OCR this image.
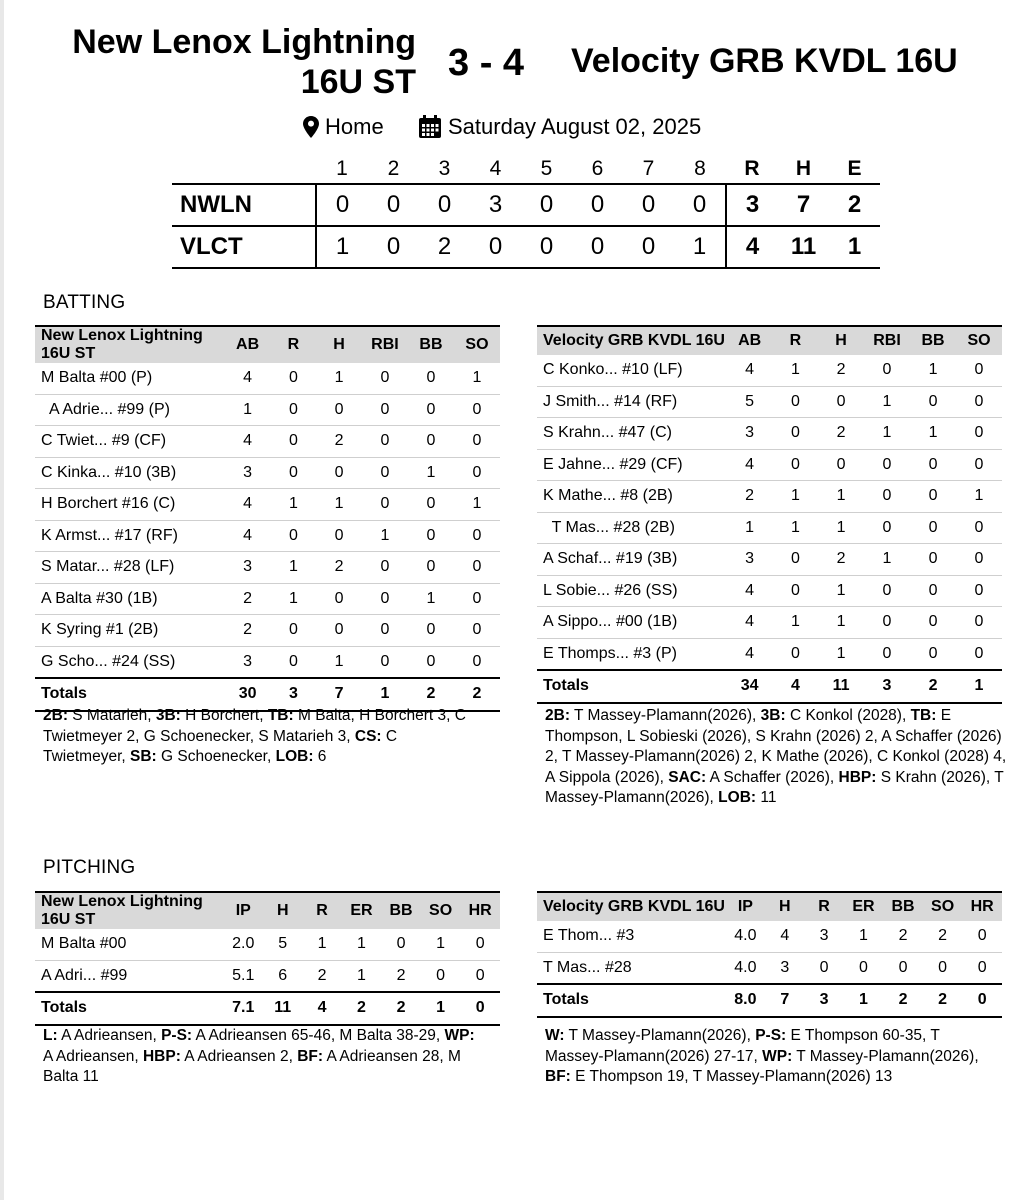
New Lenox Lightning
16U ST 3 - 4 Velocity GRB KVDL 16U
Home	Saturday August 02, 2025
	1	2	3	4	5	6	7	8	R	H	E
NWLN	0	0	0	3	0	0	0	0	3	7	2
VLCT	1	0	2	0	0	0	0	1	4	11	1
BATTING
New Lenox Lightning 16U ST	AB	R	H	RBI	BB	SO
M Balta #00 (P)	4	0	1	0	0	1
A Adrie... #99 (P)	1	0	0	0	0	0
C Twiet... #9 (CF)	4	0	2	0	0	0
C Kinka... #10 (3B)	3	0	0	0	1	0
H Borchert #16 (C)	4	1	1	0	0	1
K Armst... #17 (RF)	4	0	0	1	0	0
S Matar... #28 (LF)	3	1	2	0	0	0
A Balta #30 (1B)	2	1	0	0	1	0
K Syring #1 (2B)	2	0	0	0	0	0
G Scho... #24 (SS)	3	0	1	0	0	0
Totals	30	3	7	1	2	2
Velocity GRB KVDL 16U	AB	R	H	RBI	BB	SO
C Konko... #10 (LF)	4	1	2	0	1	0
J Smith... #14 (RF)	5	0	0	1	0	0
S Krahn... #47 (C)	3	0	2	1	1	0
E Jahne... #29 (CF)	4	0	0	0	0	0
K Mathe... #8 (2B)	2	1	1	0	0	1
T Mas... #28 (2B)	1	1	1	0	0	0
A Schaf... #19 (3B)	3	0	2	1	0	0
L Sobie... #26 (SS)	4	0	1	0	0	0
A Sippo... #00 (1B)	4	1	1	0	0	0
E Thomps... #3 (P)	4	0	1	0	0	0
Totals	34	4	11	3	2	1
2B: S Matarieh, 3B: H Borchert, TB: M Balta, H Borchert 3, C Twietmeyer 2, G Schoenecker, S Matarieh 3, CS: C Twietmeyer, SB: G Schoenecker, LOB: 6
2B: T Massey-Plamann(2026), 3B: C Konkol (2028), TB: E Thompson, L Sobieski (2026), S Krahn (2026) 2, A Schaffer (2026) 2, T Massey-Plamann(2026) 2, K Mathe (2026), C Konkol (2028) 4, A Sippola (2026), SAC: A Schaffer (2026), HBP: S Krahn (2026), T Massey-Plamann(2026), LOB: 11
PITCHING
New Lenox Lightning 16U ST	IP	H	R	ER	BB	SO	HR
M Balta #00	2.0	5	1	1	0	1	0
A Adri... #99	5.1	6	2	1	2	0	0
Totals	7.1	11	4	2	2	1	0
Velocity GRB KVDL 16U	IP	H	R	ER	BB	SO	HR
E Thom... #3	4.0	4	3	1	2	2	0
T Mas... #28	4.0	3	0	0	0	0	0
Totals	8.0	7	3	1	2	2	0
L: A Adrieansen, P-S: A Adrieansen 65-46, M Balta 38-29, WP: A Adrieansen, HBP: A Adrieansen 2, BF: A Adrieansen 28, M Balta 11
W: T Massey-Plamann(2026), P-S: E Thompson 60-35, T Massey-Plamann(2026) 27-17, WP: T Massey-Plamann(2026), BF: E Thompson 19, T Massey-Plamann(2026) 13
